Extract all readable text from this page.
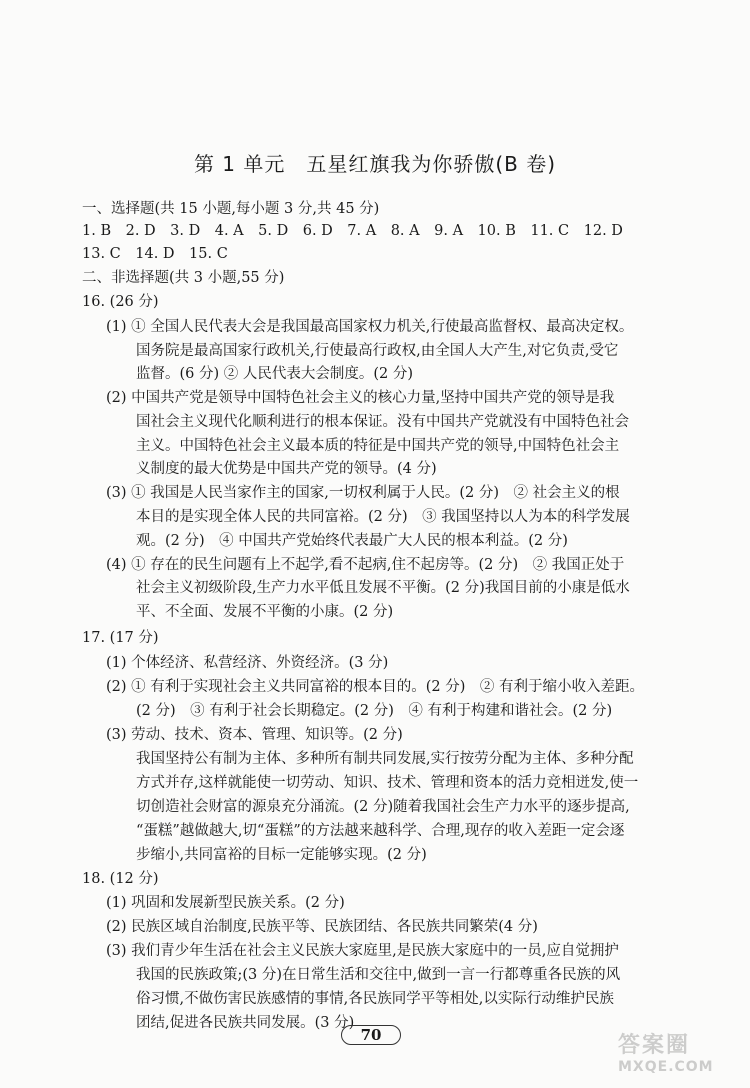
第 1 单元　五星红旗我为你骄傲(B 卷)
一、选择题(共 15 小题,每小题 3 分,共 45 分)
1. B　2. D　3. D　4. A　5. D　6. D　7. A　8. A　9. A　10. B　11. C　12. D
13. C　14. D　15. C
二、非选择题(共 3 小题,55 分)
16. (26 分)
(1) ① 全国人民代表大会是我国最高国家权力机关,行使最高监督权、最高决定权。
国务院是最高国家行政机关,行使最高行政权,由全国人大产生,对它负责,受它
监督。(6 分) ② 人民代表大会制度。(2 分)
(2) 中国共产党是领导中国特色社会主义的核心力量,坚持中国共产党的领导是我
国社会主义现代化顺利进行的根本保证。没有中国共产党就没有中国特色社会
主义。中国特色社会主义最本质的特征是中国共产党的领导,中国特色社会主
义制度的最大优势是中国共产党的领导。(4 分)
(3) ① 我国是人民当家作主的国家,一切权利属于人民。(2 分)　② 社会主义的根
本目的是实现全体人民的共同富裕。(2 分)　③ 我国坚持以人为本的科学发展
观。(2 分)　④ 中国共产党始终代表最广大人民的根本利益。(2 分)
(4) ① 存在的民生问题有上不起学,看不起病,住不起房等。(2 分)　② 我国正处于
社会主义初级阶段,生产力水平低且发展不平衡。(2 分)我国目前的小康是低水
平、不全面、发展不平衡的小康。(2 分)
17. (17 分)
(1) 个体经济、私营经济、外资经济。(3 分)
(2) ① 有利于实现社会主义共同富裕的根本目的。(2 分)　② 有利于缩小收入差距。
(2 分)　③ 有利于社会长期稳定。(2 分)　④ 有利于构建和谐社会。(2 分)
(3) 劳动、技术、资本、管理、知识等。(2 分)
我国坚持公有制为主体、多种所有制共同发展,实行按劳分配为主体、多种分配
方式并存,这样就能使一切劳动、知识、技术、管理和资本的活力竞相迸发,使一
切创造社会财富的源泉充分涌流。(2 分)随着我国社会生产力水平的逐步提高,
“蛋糕”越做越大,切“蛋糕”的方法越来越科学、合理,现存的收入差距一定会逐
步缩小,共同富裕的目标一定能够实现。(2 分)
18. (12 分)
(1) 巩固和发展新型民族关系。(2 分)
(2) 民族区域自治制度,民族平等、民族团结、各民族共同繁荣(4 分)
(3) 我们青少年生活在社会主义民族大家庭里,是民族大家庭中的一员,应自觉拥护
我国的民族政策;(3 分)在日常生活和交往中,做到一言一行都尊重各民族的风
俗习惯,不做伤害民族感情的事情,各民族同学平等相处,以实际行动维护民族
团结,促进各民族共同发展。(3 分)
70	答案圈
MXQE.COM
